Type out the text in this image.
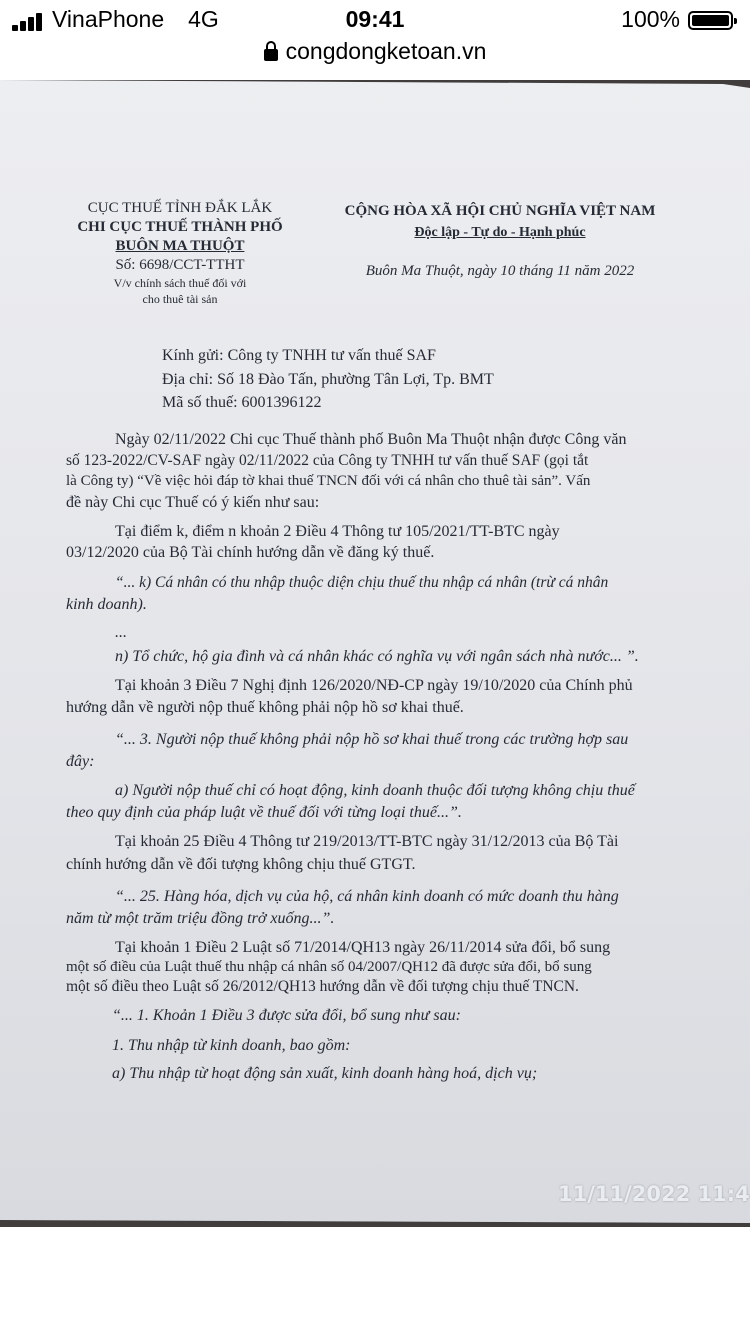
VinaPhone 4G	09:41	100%
congdongketoan.vn
CỤC THUẾ TỈNH ĐẮK LẮK
CHI CỤC THUẾ THÀNH PHỐ
BUÔN MA THUỘT
Số: 6698/CCT-TTHT
V/v chính sách thuế đối với
cho thuê tài sản
CỘNG HÒA XÃ HỘI CHỦ NGHĨA VIỆT NAM
Độc lập - Tự do - Hạnh phúc
Buôn Ma Thuột, ngày 10 tháng 11 năm 2022
Kính gửi: Công ty TNHH tư vấn thuế SAF
Địa chỉ: Số 18 Đào Tấn, phường Tân Lợi, Tp. BMT
Mã số thuế: 6001396122
Ngày 02/11/2022 Chi cục Thuế thành phố Buôn Ma Thuột nhận được Công văn
số 123-2022/CV-SAF ngày 02/11/2022 của Công ty TNHH tư vấn thuế SAF (gọi tắt
là Công ty) “Về việc hỏi đáp tờ khai thuế TNCN đối với cá nhân cho thuê tài sản”. Vấn
đề này Chi cục Thuế có ý kiến như sau:
Tại điểm k, điểm n khoản 2 Điều 4 Thông tư 105/2021/TT-BTC ngày
03/12/2020 của Bộ Tài chính hướng dẫn về đăng ký thuế.
“... k) Cá nhân có thu nhập thuộc diện chịu thuế thu nhập cá nhân (trừ cá nhân
kinh doanh).
...
n) Tổ chức, hộ gia đình và cá nhân khác có nghĩa vụ với ngân sách nhà nước... ”.
Tại khoản 3 Điều 7 Nghị định 126/2020/NĐ-CP ngày 19/10/2020 của Chính phủ
hướng dẫn về người nộp thuế không phải nộp hồ sơ khai thuế.
“... 3. Người nộp thuế không phải nộp hồ sơ khai thuế trong các trường hợp sau
đây:
a) Người nộp thuế chỉ có hoạt động, kinh doanh thuộc đối tượng không chịu thuế
theo quy định của pháp luật về thuế đối với từng loại thuế...”.
Tại khoản 25 Điều 4 Thông tư 219/2013/TT-BTC ngày 31/12/2013 của Bộ Tài
chính hướng dẫn về đối tượng không chịu thuế GTGT.
“... 25. Hàng hóa, dịch vụ của hộ, cá nhân kinh doanh có mức doanh thu hàng
năm từ một trăm triệu đồng trở xuống...”.
Tại khoản 1 Điều 2 Luật số 71/2014/QH13 ngày 26/11/2014 sửa đổi, bổ sung
một số điều của Luật thuế thu nhập cá nhân số 04/2007/QH12 đã được sửa đổi, bổ sung
một số điều theo Luật số 26/2012/QH13 hướng dẫn về đối tượng chịu thuế TNCN.
“... 1. Khoản 1 Điều 3 được sửa đổi, bổ sung như sau:
1. Thu nhập từ kinh doanh, bao gồm:
a) Thu nhập từ hoạt động sản xuất, kinh doanh hàng hoá, dịch vụ;
11/11/2022 11:4
